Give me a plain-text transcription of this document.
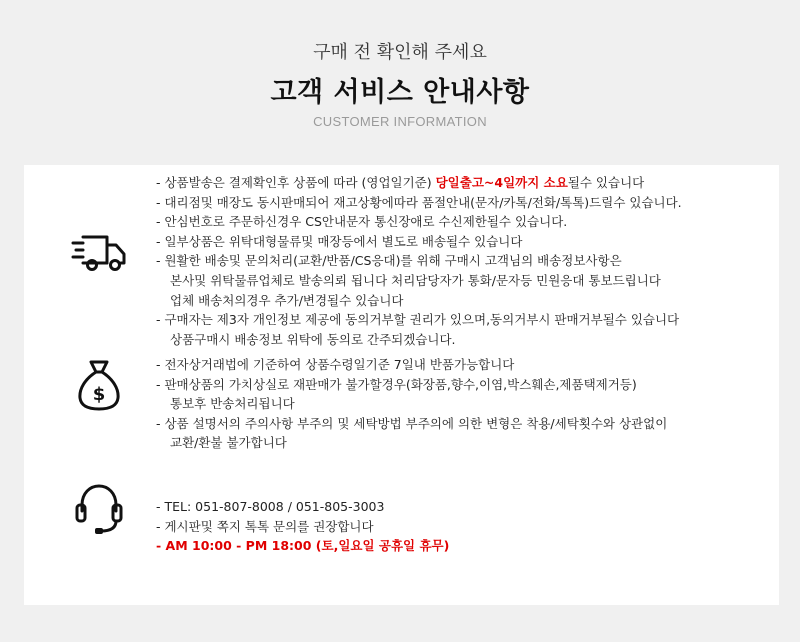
구매 전 확인해 주세요
고객 서비스 안내사항
CUSTOMER INFORMATION
- 상품발송은 결제확인후 상품에 따라 (영업일기준) 당일출고~4일까지 소요될수 있습니다
- 대리점및 매장도 동시판매되어 재고상황에따라 품절안내(문자/카톡/전화/톡톡)드릴수 있습니다.
- 안심번호로 주문하신경우 CS안내문자 통신장애로 수신제한될수 있습니다.
- 일부상품은 위탁대형물류및 매장등에서 별도로 배송될수 있습니다
- 원활한 배송및 문의처리(교환/반품/CS응대)를 위해 구매시 고객님의 배송정보사항은
본사및 위탁물류업체로 발송의뢰 됩니다 처리담당자가 통화/문자등 민원응대 통보드립니다
업체 배송처의경우 추가/변경될수 있습니다
- 구매자는 제3자 개인정보 제공에 동의거부할 권리가 있으며,동의거부시 판매거부될수 있습니다
상품구매시 배송정보 위탁에 동의로 간주되겠습니다.
$
- 전자상거래법에 기준하여 상품수령일기준 7일내 반품가능합니다
- 판매상품의 가치상실로 재판매가 불가할경우(화장품,향수,이염,박스훼손,제품택제거등)
통보후 반송처리됩니다
- 상품 설명서의 주의사항 부주의 및 세탁방법 부주의에 의한 변형은 착용/세탁횟수와 상관없이
교환/환불 불가합니다
- TEL: 051-807-8008 / 051-805-3003
- 게시판및 쪽지 톡톡 문의를 권장합니다
- AM 10:00 - PM 18:00 (토,일요일 공휴일 휴무)
